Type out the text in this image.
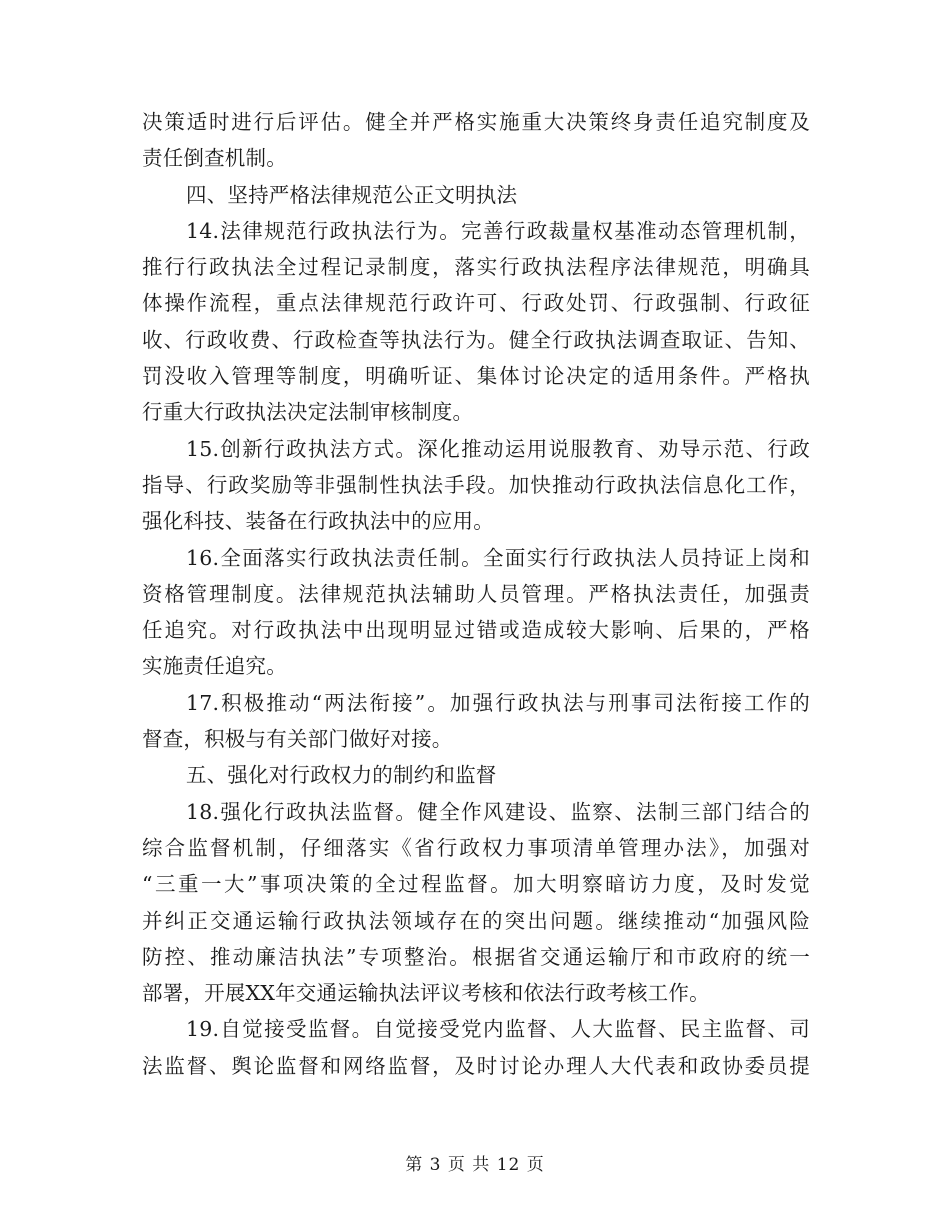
决策适时进行后评估。健全并严格实施重大决策终身责任追究制度及
责任倒查机制。
四、坚持严格法律规范公正文明执法
14.法律规范行政执法行为。完善行政裁量权基准动态管理机制，
推行行政执法全过程记录制度，落实行政执法程序法律规范，明确具
体操作流程，重点法律规范行政许可、行政处罚、行政强制、行政征
收、行政收费、行政检查等执法行为。健全行政执法调查取证、告知、
罚没收入管理等制度，明确听证、集体讨论决定的适用条件。严格执
行重大行政执法决定法制审核制度。
15.创新行政执法方式。深化推动运用说服教育、劝导示范、行政
指导、行政奖励等非强制性执法手段。加快推动行政执法信息化工作，
强化科技、装备在行政执法中的应用。
16.全面落实行政执法责任制。全面实行行政执法人员持证上岗和
资格管理制度。法律规范执法辅助人员管理。严格执法责任，加强责
任追究。对行政执法中出现明显过错或造成较大影响、后果的，严格
实施责任追究。
17.积极推动“两法衔接”。加强行政执法与刑事司法衔接工作的
督查，积极与有关部门做好对接。
五、强化对行政权力的制约和监督
18.强化行政执法监督。健全作风建设、监察、法制三部门结合的
综合监督机制，仔细落实《省行政权力事项清单管理办法》，加强对
“三重一大”事项决策的全过程监督。加大明察暗访力度，及时发觉
并纠正交通运输行政执法领域存在的突出问题。继续推动“加强风险
防控、推动廉洁执法”专项整治。根据省交通运输厅和市政府的统一
部署，开展XX年交通运输执法评议考核和依法行政考核工作。
19.自觉接受监督。自觉接受党内监督、人大监督、民主监督、司
法监督、舆论监督和网络监督，及时讨论办理人大代表和政协委员提
第 3 页 共 12 页
